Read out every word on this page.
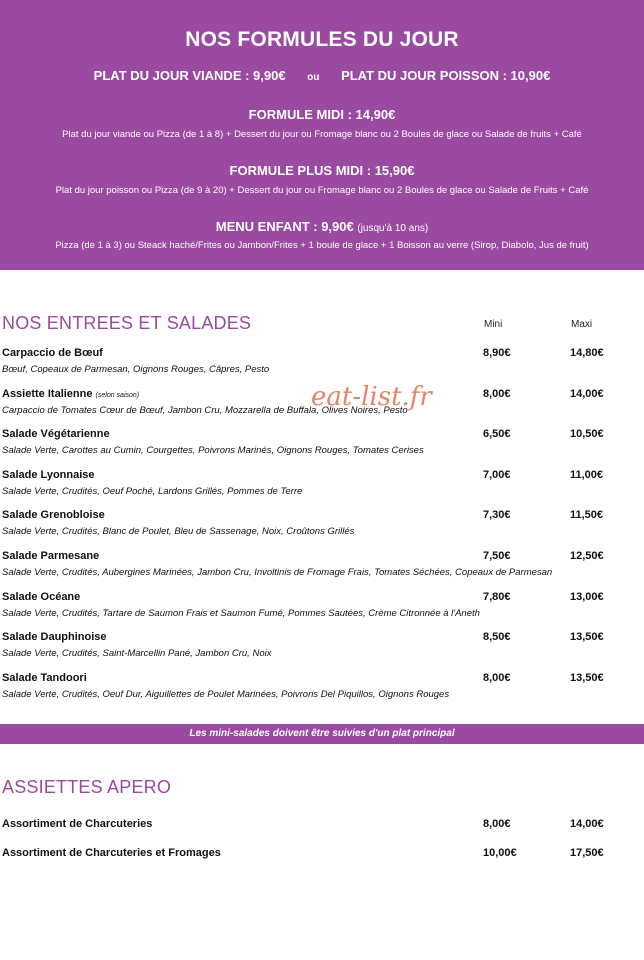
NOS FORMULES DU JOUR
PLAT DU JOUR VIANDE : 9,90€ ou PLAT DU JOUR POISSON : 10,90€
FORMULE MIDI : 14,90€
Plat du jour viande ou Pizza (de 1 à 8) + Dessert du jour ou Fromage blanc ou 2 Boules de glace ou Salade de fruits + Café
FORMULE PLUS MIDI : 15,90€
Plat du jour poisson ou Pizza (de 9 à 20) + Dessert du jour ou Fromage blanc ou 2 Boules de glace ou Salade de Fruits + Café
MENU ENFANT : 9,90€ (jusqu'à 10 ans)
Pizza (de 1 à 3) ou Steack haché/Frites ou Jambon/Frites + 1 boule de glace + 1 Boisson au verre (Sirop, Diabolo, Jus de fruit)
NOS ENTREES ET SALADES	Mini	Maxi
Carpaccio de Bœuf
Bœuf, Copeaux de Parmesan, Oignons Rouges, Câpres, Pesto
8,90€	14,80€
Assiette Italienne (selon saison)
Carpaccio de Tomates Cœur de Bœuf, Jambon Cru, Mozzarella de Buffala, Olives Noires, Pesto
8,00€	14,00€
Salade Végétarienne
Salade Verte, Carottes au Cumin, Courgettes, Poivrons Marinés, Oignons Rouges, Tomates Cerises
6,50€	10,50€
Salade Lyonnaise
Salade Verte, Crudités, Oeuf Poché, Lardons Grillés, Pommes de Terre
7,00€	11,00€
Salade Grenobloise
Salade Verte, Crudités, Blanc de Poulet, Bleu de Sassenage, Noix, Croûtons Grillés
7,30€	11,50€
Salade Parmesane
Salade Verte, Crudités, Aubergines Marinées, Jambon Cru, Involtinis de Fromage Frais, Tomates Séchées, Copeaux de Parmesan
7,50€	12,50€
Salade Océane
Salade Verte, Crudités, Tartare de Saumon Frais et Saumon Fumé, Pommes Sautées, Crème Citronnée à l'Aneth
7,80€	13,00€
Salade Dauphinoise
Salade Verte, Crudités, Saint-Marcellin Pané, Jambon Cru, Noix
8,50€	13,50€
Salade Tandoori
Salade Verte, Crudités, Oeuf Dur, Aiguillettes de Poulet Marinées, Poivrons Del Piquillos, Oignons Rouges
8,00€	13,50€
eat-list.fr
Les mini-salades doivent être suivies d'un plat principal
ASSIETTES APERO
Assortiment de Charcuteries	8,00€	14,00€
Assortiment de Charcuteries et Fromages	10,00€	17,50€
